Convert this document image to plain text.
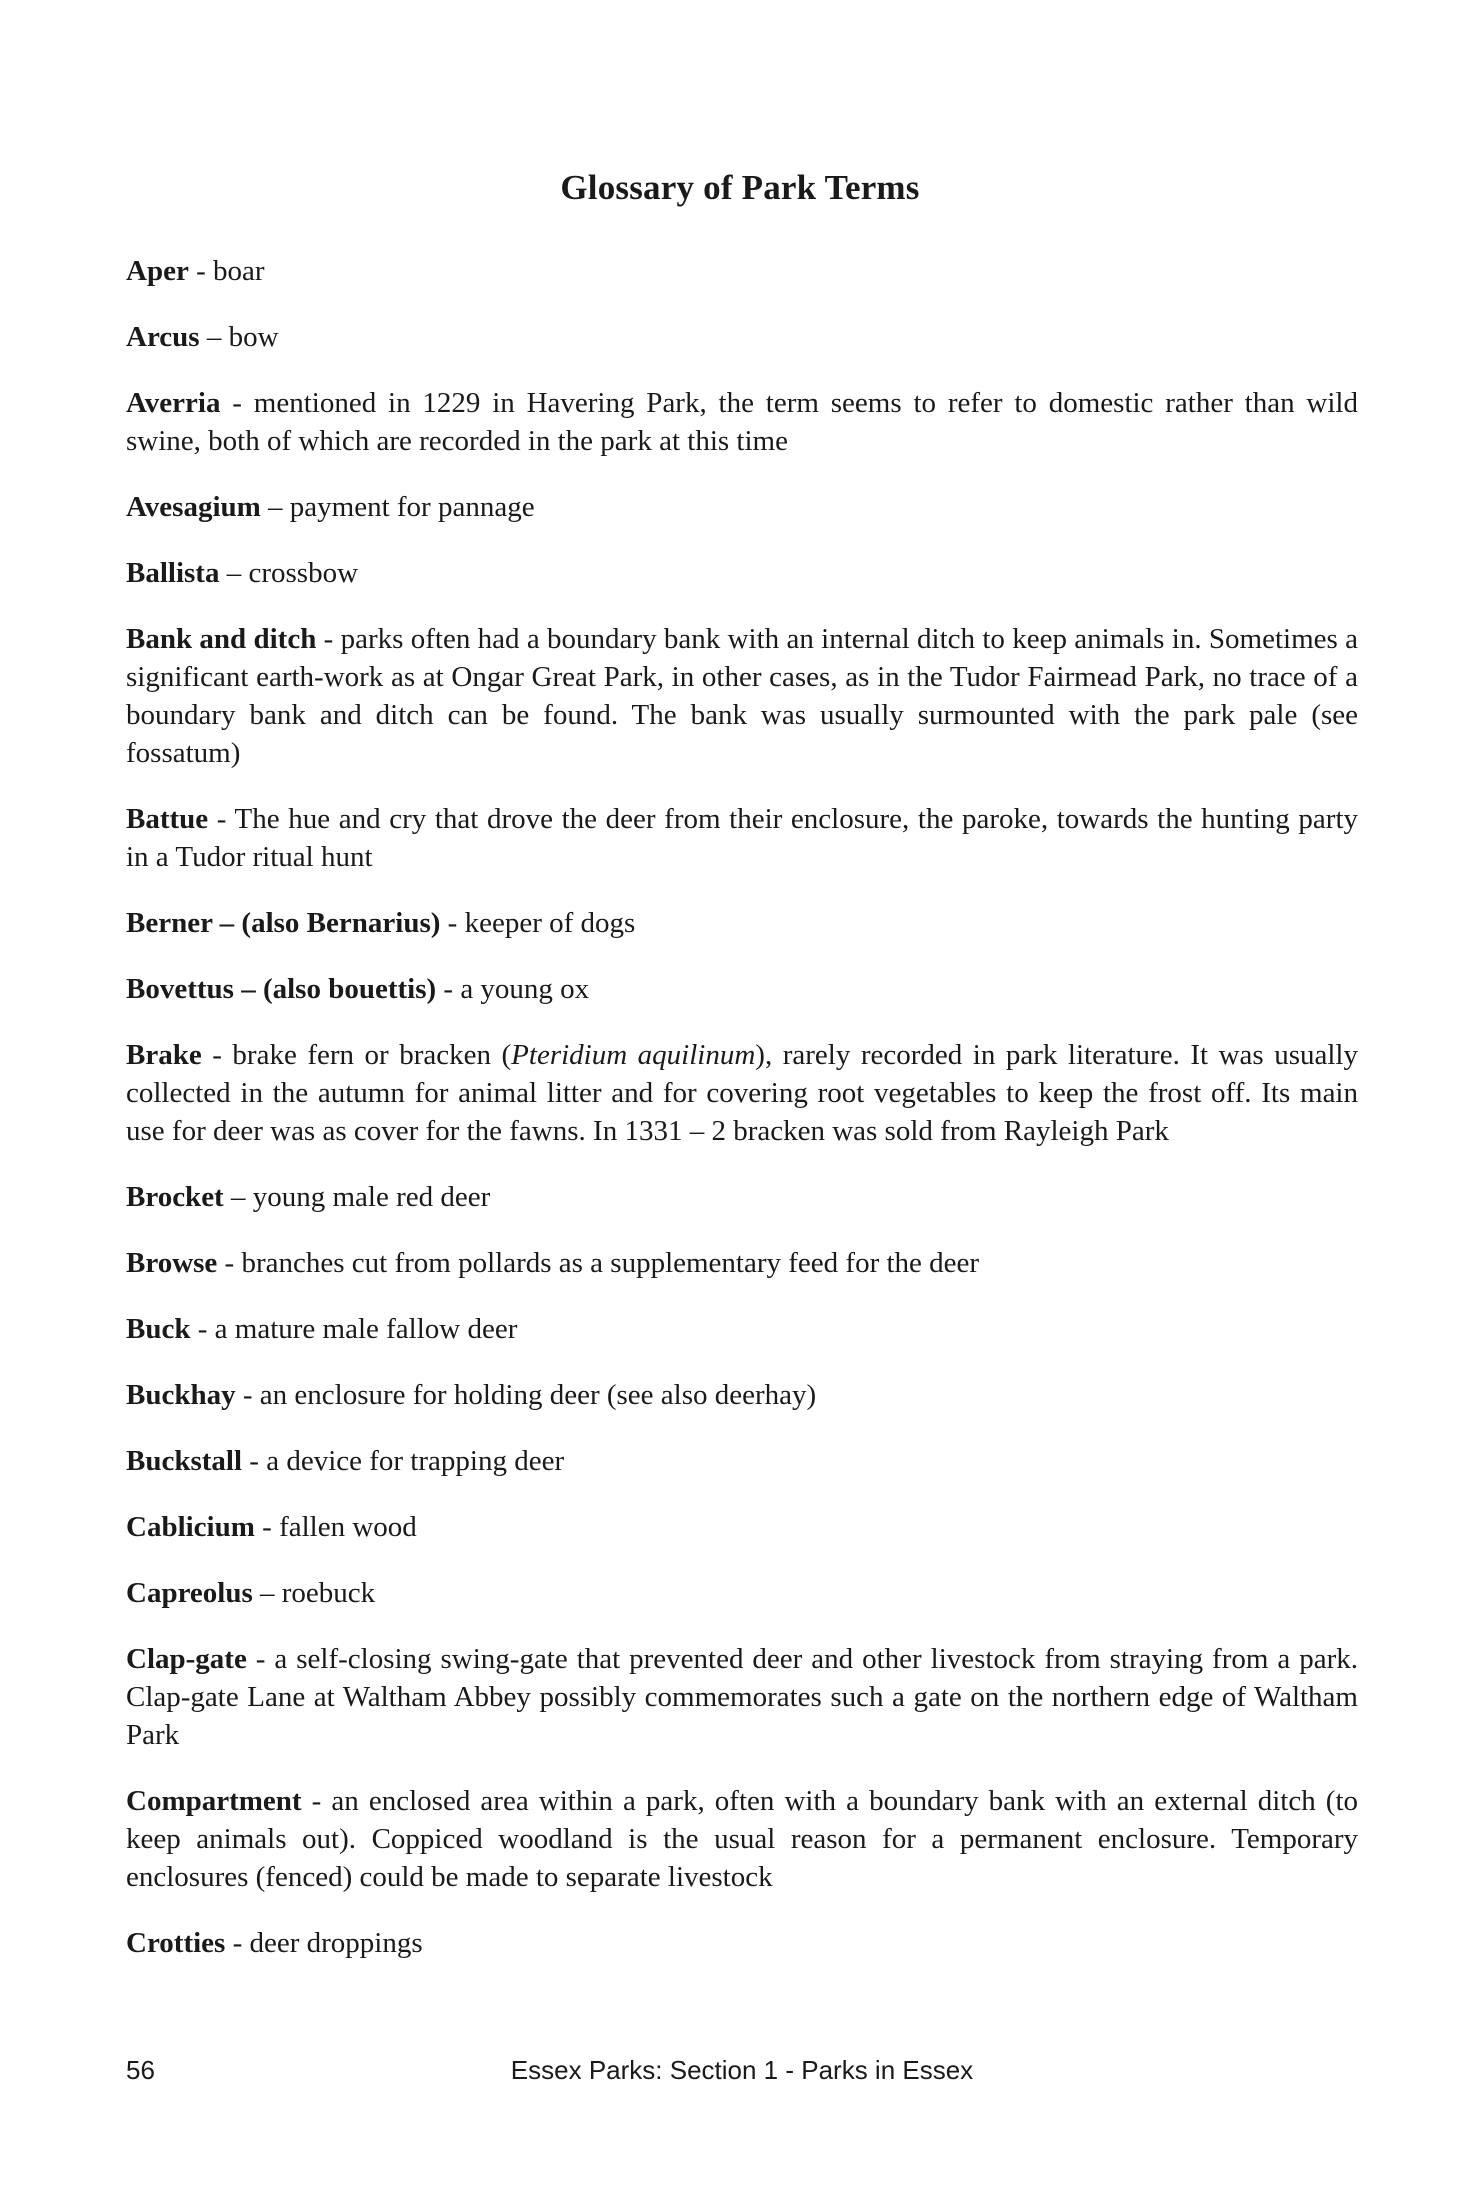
Glossary of Park Terms

Aper - boar

Arcus – bow

Averria - mentioned in 1229 in Havering Park, the term seems to refer to domestic rather than wild swine, both of which are recorded in the park at this time

Avesagium – payment for pannage

Ballista – crossbow

Bank and ditch - parks often had a boundary bank with an internal ditch to keep animals in. Sometimes a significant earth-work as at Ongar Great Park, in other cases, as in the Tudor Fairmead Park, no trace of a boundary bank and ditch can be found. The bank was usually surmounted with the park pale (see fossatum)

Battue - The hue and cry that drove the deer from their enclosure, the paroke, towards the hunting party in a Tudor ritual hunt

Berner – (also Bernarius) - keeper of dogs

Bovettus – (also bouettis) - a young ox

Brake - brake fern or bracken (Pteridium aquilinum), rarely recorded in park literature. It was usually collected in the autumn for animal litter and for covering root vegetables to keep the frost off. Its main use for deer was as cover for the fawns. In 1331 – 2 bracken was sold from Rayleigh Park

Brocket – young male red deer

Browse - branches cut from pollards as a supplementary feed for the deer

Buck - a mature male fallow deer

Buckhay - an enclosure for holding deer (see also deerhay)

Buckstall - a device for trapping deer

Cablicium - fallen wood

Capreolus – roebuck

Clap-gate - a self-closing swing-gate that prevented deer and other livestock from straying from a park. Clap-gate Lane at Waltham Abbey possibly commemorates such a gate on the northern edge of Waltham Park

Compartment - an enclosed area within a park, often with a boundary bank with an external ditch (to keep animals out). Coppiced woodland is the usual reason for a permanent enclosure. Temporary enclosures (fenced) could be made to separate livestock

Crotties - deer droppings

Essex Parks: Section 1 - Parks in Essex
56
